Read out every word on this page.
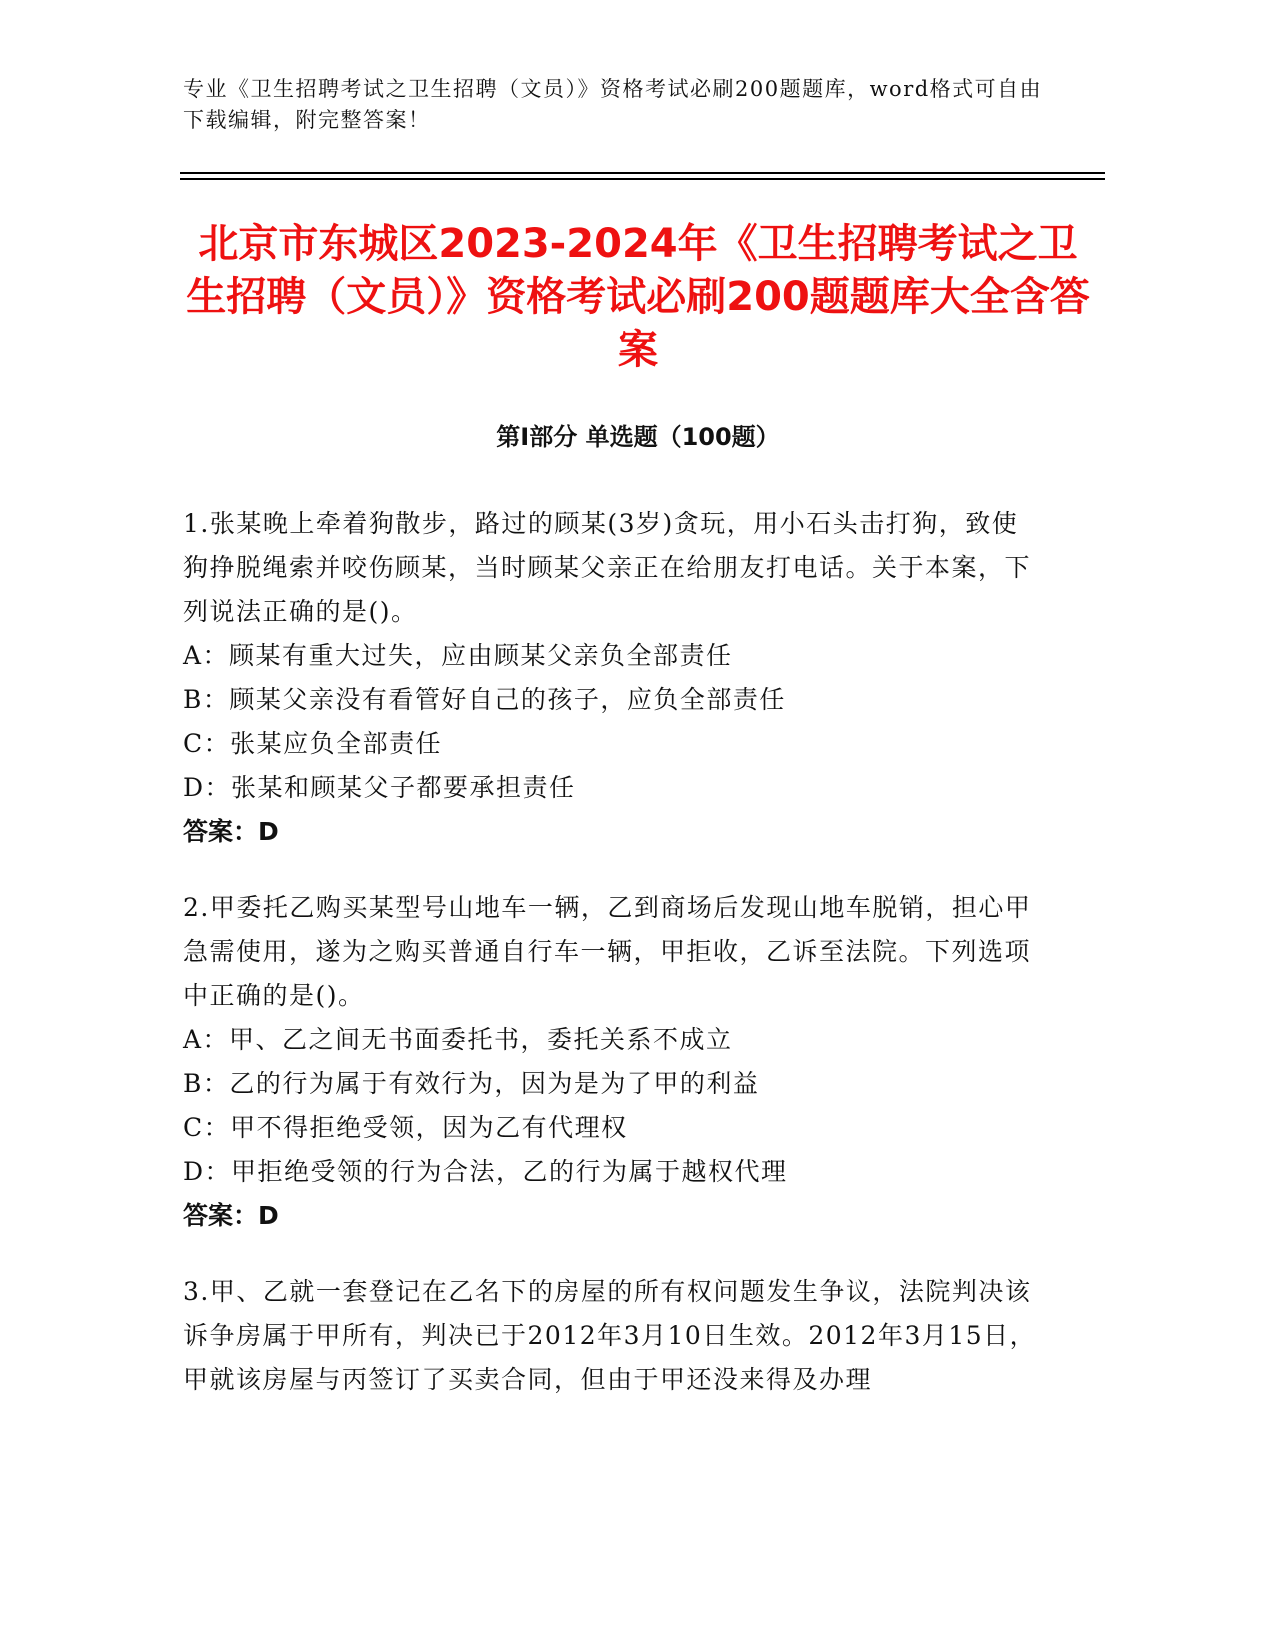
专业《卫生招聘考试之卫生招聘（文员）》资格考试必刷200题题库，word格式可自由下载编辑，附完整答案！
北京市东城区2023-2024年《卫生招聘考试之卫生招聘（文员）》资格考试必刷200题题库大全含答案
第I部分 单选题（100题）

1.张某晚上牵着狗散步，路过的顾某(3岁)贪玩，用小石头击打狗，致使狗挣脱绳索并咬伤顾某，当时顾某父亲正在给朋友打电话。关于本案，下列说法正确的是()。

A：顾某有重大过失，应由顾某父亲负全部责任

B：顾某父亲没有看管好自己的孩子，应负全部责任

C：张某应负全部责任

D：张某和顾某父子都要承担责任

答案：D

2.甲委托乙购买某型号山地车一辆，乙到商场后发现山地车脱销，担心甲急需使用，遂为之购买普通自行车一辆，甲拒收，乙诉至法院。下列选项中正确的是()。

A：甲、乙之间无书面委托书，委托关系不成立

B：乙的行为属于有效行为，因为是为了甲的利益

C：甲不得拒绝受领，因为乙有代理权

D：甲拒绝受领的行为合法，乙的行为属于越权代理

答案：D

3.甲、乙就一套登记在乙名下的房屋的所有权问题发生争议，法院判决该诉争房属于甲所有，判决已于2012年3月10日生效。2012年3月15日，甲就该房屋与丙签订了买卖合同，但由于甲还没来得及办理
